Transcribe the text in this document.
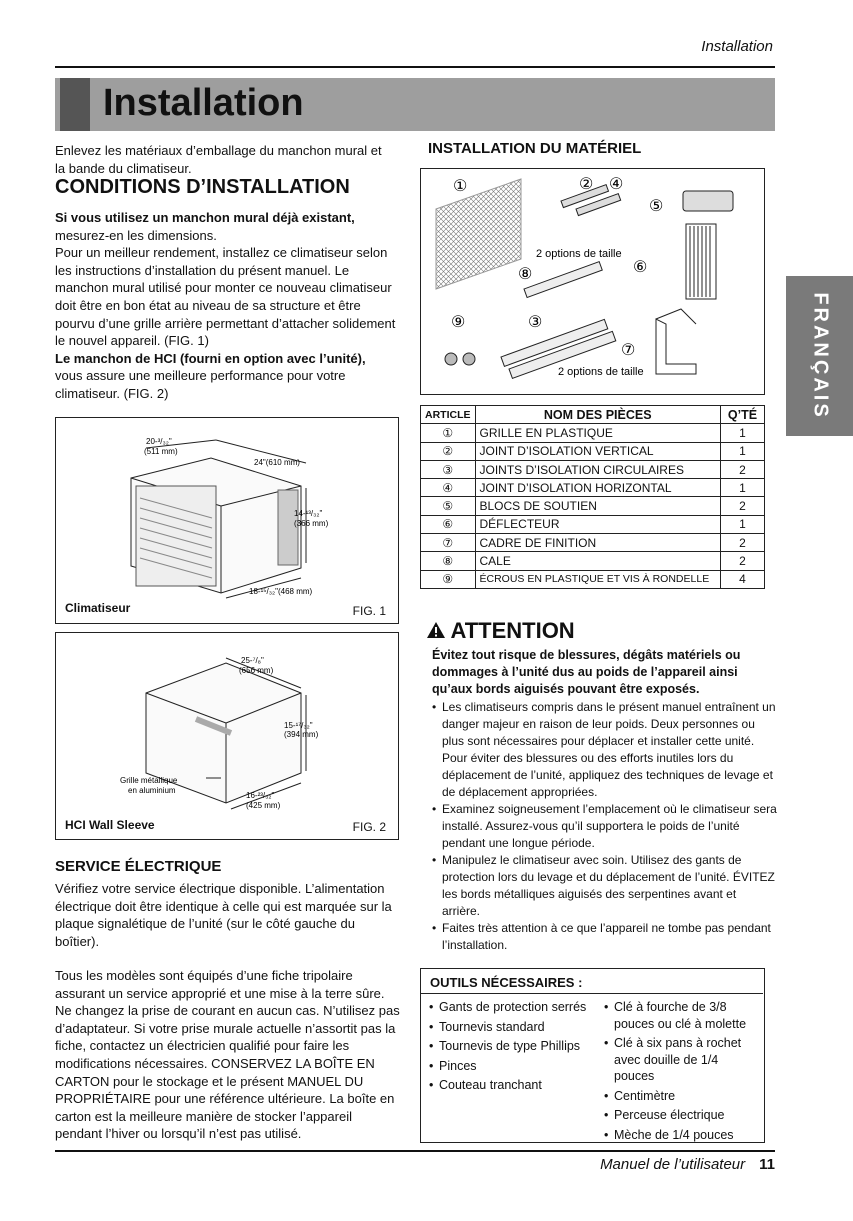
Installation
Installation
FRANÇAIS
Enlevez les matériaux d’emballage du manchon mural et la bande du climatiseur.
CONDITIONS D’INSTALLATION
Si vous utilisez un manchon mural déjà existant,
mesurez-en les dimensions.
Pour un meilleur rendement, installez ce climatiseur selon les instructions d’installation du présent manuel. Le manchon mural utilisé pour monter ce nouveau climatiseur doit être en bon état au niveau de sa structure et être pourvu d’une grille arrière permettant d’attacher solidement le nouvel appareil. (FIG. 1)
Le manchon de HCI (fourni en option avec l’unité),
vous assure une meilleure performance pour votre climatiseur. (FIG. 2)
20-³/₃₂"
(511 mm)
24"(610 mm)
14-¹³/₃₂"
(366 mm)
18-¹⁵/₃₂"(468 mm)
Climatiseur	FIG. 1
25-⁷/₈"
(656 mm)
15-¹⁷/₃₂"
(394 mm)
16-²³/₃₂"
(425 mm)
Grille métallique
en aluminium
HCI Wall Sleeve	FIG. 2
SERVICE ÉLECTRIQUE
Vérifiez votre service électrique disponible. L’alimentation électrique doit être identique à celle qui est marquée sur la plaque signalétique de l’unité (sur le côté gauche du boîtier).
Tous les modèles sont équipés d’une fiche tripolaire assurant un service approprié et une mise à la terre sûre. Ne changez la prise de courant en aucun cas. N’utilisez pas d’adaptateur. Si votre prise murale actuelle n’assortit pas la fiche, contactez un électricien qualifié pour faire les modifications nécessaires. CONSERVEZ LA BOÎTE EN CARTON pour le stockage et le présent MANUEL DU PROPRIÉTAIRE pour une référence ultérieure. La boîte en carton est la meilleure manière de stocker l’appareil pendant l’hiver ou lorsqu’il n’est pas utilisé.
INSTALLATION DU MATÉRIEL
①	② ④
⑤
⑥
⑧
⑨	③
⑦
2 options de taille
2 options de taille
ARTICLE	NOM DES PIÈCES	Q’TÉ
①	GRILLE EN PLASTIQUE	1
②	JOINT D’ISOLATION VERTICAL	1
③	JOINTS D’ISOLATION CIRCULAIRES	2
④	JOINT D’ISOLATION HORIZONTAL	1
⑤	BLOCS DE SOUTIEN	2
⑥	DÉFLECTEUR	1
⑦	CADRE DE FINITION	2
⑧	CALE	2
⑨	ÉCROUS EN PLASTIQUE ET VIS À RONDELLE	4
ATTENTION
Évitez tout risque de blessures, dégâts matériels ou dommages à l’unité dus au poids de l’appareil ainsi qu’aux bords aiguisés pouvant être exposés.
• Les climatiseurs compris dans le présent manuel entraînent un danger majeur en raison de leur poids. Deux personnes ou plus sont nécessaires pour déplacer et installer cette unité. Pour éviter des blessures ou des efforts inutiles lors du déplacement de l’unité, appliquez des techniques de levage et de déplacement appropriées.
• Examinez soigneusement l’emplacement où le climatiseur sera installé. Assurez-vous qu’il supportera le poids de l’unité pendant une longue période.
• Manipulez le climatiseur avec soin. Utilisez des gants de protection lors du levage et du déplacement de l’unité. ÉVITEZ les bords métalliques aiguisés des serpentines avant et arrière.
• Faites très attention à ce que l’appareil ne tombe pas pendant l’installation.
OUTILS NÉCESSAIRES :
• Gants de protection serrés
• Tournevis standard
• Tournevis de type Phillips
• Pinces
• Couteau tranchant
• Clé à fourche de 3/8 pouces ou clé à molette
• Clé à six pans à rochet avec douille de 1/4 pouces
• Centimètre
• Perceuse électrique
• Mèche de 1/4 pouces
Manuel de l’utilisateur 11
